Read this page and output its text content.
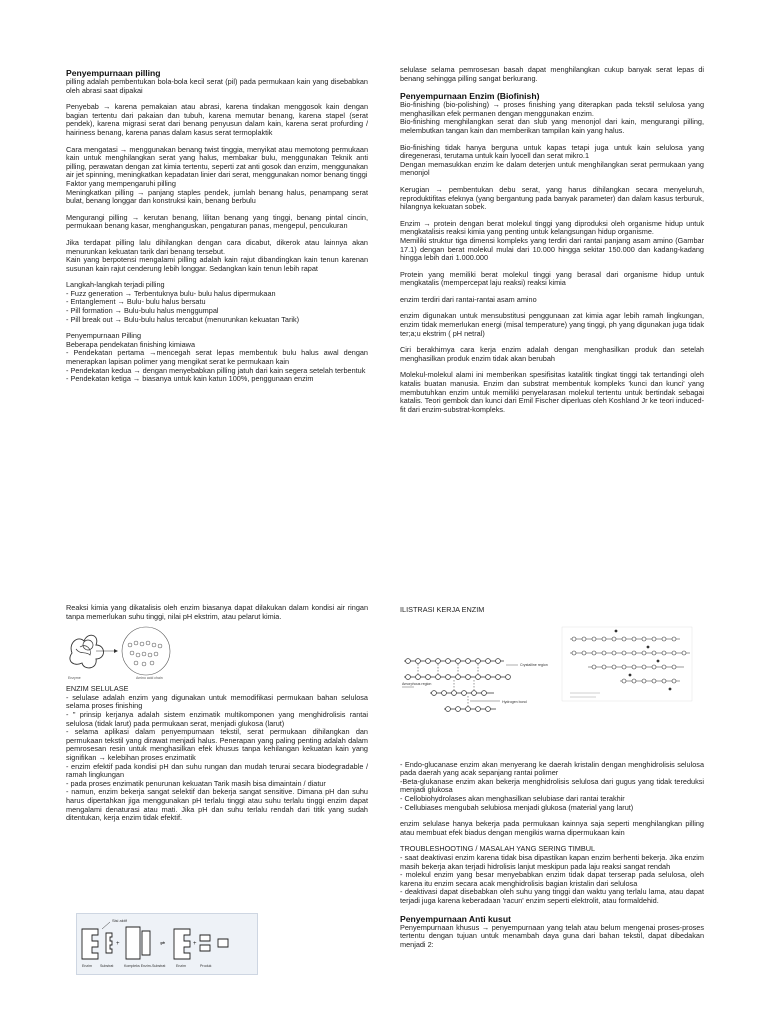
Penyempurnaan pilling

pilling adalah pembentukan bola-bola kecil serat (pil) pada permukaan kain yang disebabkan oleh abrasi saat dipakai

Penyebab → karena pemakaian atau abrasi, karena tindakan menggosok kain dengan bagian tertentu dari pakaian dan tubuh, karena memutar benang, karena stapel (serat pendek), karena migrasi serat dari benang penyusun dalam kain, karena serat profurding / hairiness benang, karena panas dalam kasus serat termoplaktik

Cara mengatasi → menggunakan benang twist tinggia, menyikat atau memotong permukaan kain untuk menghilangkan serat yang halus, membakar bulu, menggunakan Teknik anti pilling, perawatan dengan zat kimia tertentu, seperti zat anti gosok dan enzim, menggunakan air jet spinning, meningkatkan kepadatan linier dari serat, menggunakan nomor benang tinggi

Faktor yang mempengaruhi pilling

Meningkatkan pilling → panjang staples pendek, jumlah benang halus, penampang serat bulat, benang longgar dan konstruksi kain, benang berbulu

Mengurangi pilling → kerutan benang, lilitan benang yang tinggi, benang pintal cincin, permukaan benang kasar, menghanguskan, pengaturan panas, mengepul, pencukuran

Jika terdapat pilling lalu dihilangkan dengan cara dicabut, dikerok atau lainnya akan menurunkan kekuatan tarik dari benang tersebut.

Kain yang berpotensi mengalami pilling adalah kain rajut dibandingkan kain tenun karenan susunan kain rajut cenderung lebih longgar. Sedangkan kain tenun lebih rapat

Langkah-langkah terjadi pilling

- Fuzz generation → Terbentuknya bulu- bulu halus dipermukaan

- Entanglement → Bulu- bulu halus bersatu

- Pill formation → Bulu-bulu halus menggumpal

- Pill break out → Bulu-bulu halus tercabut (menurunkan kekuatan Tarik)

Penyempurnaan Pilling

Beberapa pendekatan finishing kimiawa

- Pendekatan pertama →mencegah serat lepas membentuk bulu halus awal dengan menerapkan lapisan polimer yang mengikat serat ke permukaan kain

- Pendekatan kedua → dengan menyebabkan pilling jatuh dari kain segera setelah terbentuk

- Pendekatan ketiga → biasanya untuk kain katun 100%, penggunaan enzim

selulase selama pemrosesan basah dapat menghilangkan cukup banyak serat lepas di benang sehingga pilling sangat berkurang.

Penyempurnaan Enzim (Biofinish)

Bio-finishing (bio-polishing) → proses finishing yang diterapkan pada tekstil selulosa yang menghasilkan efek permanen dengan menggunakan enzim.

Bio-finishing menghilangkan serat dan slub yang menonjol dari kain, mengurangi pilling, melembutkan tangan kain dan memberikan tampilan kain yang halus.

Bio-finishing tidak hanya berguna untuk kapas tetapi juga untuk kain selulosa yang diregenerasi, terutama untuk kain lyocell dan serat mikro.1

Dengan memasukkan enzim ke dalam deterjen untuk menghilangkan serat permukaan yang menonjol

Kerugian → pembentukan debu serat, yang harus dihilangkan secara menyeluruh, reproduktifitas efeknya (yang bergantung pada banyak parameter) dan dalam kasus terburuk, hilangnya kekuatan sobek.

Enzim → protein dengan berat molekul tinggi yang diproduksi oleh organisme hidup untuk mengkatalisis reaksi kimia yang penting untuk kelangsungan hidup organisme.

Memiliki struktur tiga dimensi kompleks yang terdiri dari rantai panjang asam amino (Gambar 17.1) dengan berat molekul mulai dari 10.000 hingga sekitar 150.000 dan kadang-kadang hingga lebih dari 1.000.000

Protein yang memiliki berat molekul tinggi yang berasal dari organisme hidup untuk mengkatalis (mempercepat laju reaksi) reaksi kimia

enzim terdiri dari rantai-rantai asam amino

enzim digunakan untuk mensubstitusi penggunaan zat kimia agar lebih ramah lingkungan, enzim tidak memerlukan energi (misal temperature) yang tinggi, ph yang digunakan juga tidak ter;a;u ekstrim ( pH netral)

Ciri berakhirnya cara kerja enzim adalah dengan menghasilkan produk dan setelah menghasilkan produk enzim tidak akan berubah

Molekul-molekul alami ini memberikan spesifisitas katalitik tingkat tinggi tak tertandingi oleh katalis buatan manusia. Enzim dan substrat membentuk kompleks 'kunci dan kunci' yang membutuhkan enzim untuk memiliki penyelarasan molekul tertentu untuk bertindak sebagai katalis. Teori gembok dan kunci dari Emil Fischer diperluas oleh Koshland Jr ke teori induced-fit dari enzim-substrat-kompleks.

Reaksi kimia yang dikatalisis oleh enzim biasanya dapat dilakukan dalam kondisi air ringan tanpa memerlukan suhu tinggi, nilai pH ekstrim, atau pelarut kimia.

Enzyme	Amino acid chain

ENZIM SELULASE

- selulase adalah enzim yang digunakan untuk memodifikasi permukaan bahan selulosa selama proses finishing

- " prinsip kerjanya adalah sistem enzimatik multikomponen yang menghidrolisis rantai selulosa (tidak larut) pada permukaan serat, menjadi glukosa (larut)

- selama aplikasi dalam penyempurnaan tekstil, serat permukaan dihilangkan dan permukaan tekstil yang dirawat menjadi halus. Penerapan yang paling penting adalah dalam pemrosesan resin untuk menghasilkan efek khusus tanpa kehilangan kekuatan kain yang signifikan → kelebihan proses enzimatik

- enzim efektif pada kondisi pH dan suhu rungan dan mudah terurai secara biodegradable / ramah lingkungan

- pada proses enzimatik penurunan kekuatan Tarik masih bisa dimaintain / diatur

- namun, enzim bekerja sangat selektif dan bekerja sangat sensitive. Dimana pH dan suhu harus dipertahkan jiga menggunakan pH terlalu tinggi atau suhu terlalu tinggi enzim dapat mengalami denaturasi atau mati. Jika pH dan suhu terlalu rendah dari titik yang sudah ditentukan, kerja enzim tidak efektif.

Sisi aktif
+	⇌	+
Enzim Substrat	Kompleks Enzim-Substrat	Enzim	Produk

ILISTRASI KERJA ENZIM

Crystalline region
Amorphous region
Hydrogen bond

- Endo-glucanase enzim akan menyerang ke daerah kristalin dengan menghidrolisis selulosa pada daerah yang acak sepanjang rantai polimer

-Beta-glukanase enzim akan bekerja menghidrolisis selulosa dari gugus yang tidak tereduksi menjadi glukosa

- Cellobiohydrolases akan menghasilkan selubiase dari rantai terakhir

- Cellubiases mengubah selubiosa menjadi glukosa (material yang larut)

enzim selulase hanya bekerja pada permukaan kainnya saja seperti menghilangkan pilling atau membuat efek biadus dengan mengikis warna dipermukaan kain

TROUBLESHOOTING / MASALAH YANG SERING TIMBUL

- saat deaktivasi enzim karena tidak bisa dipastikan kapan enzim berhenti bekerja. Jika enzim masih bekerja akan terjadi hidrolisis lanjut meskipun pada laju reaksi sangat rendah

- molekul enzim yang besar menyebabkan enzim tidak dapat terserap pada selulosa, oleh karena itu enzim secara acak menghidrolisis bagian kristalin dari selulosa

- deaktivasi dapat disebabkan oleh suhu yang tinggi dan waktu yang terlalu lama, atau dapat terjadi juga karena keberadaan 'racun' enzim seperti elektrolit, atau formaldehid.

Penyempurnaan Anti kusut

Penyempurnaan khusus → penyempurnaan yang telah atau belum mengenai proses-proses tertentu dengan tujuan untuk menambah daya guna dari bahan tekstil, dapat dibedakan menjadi 2:
